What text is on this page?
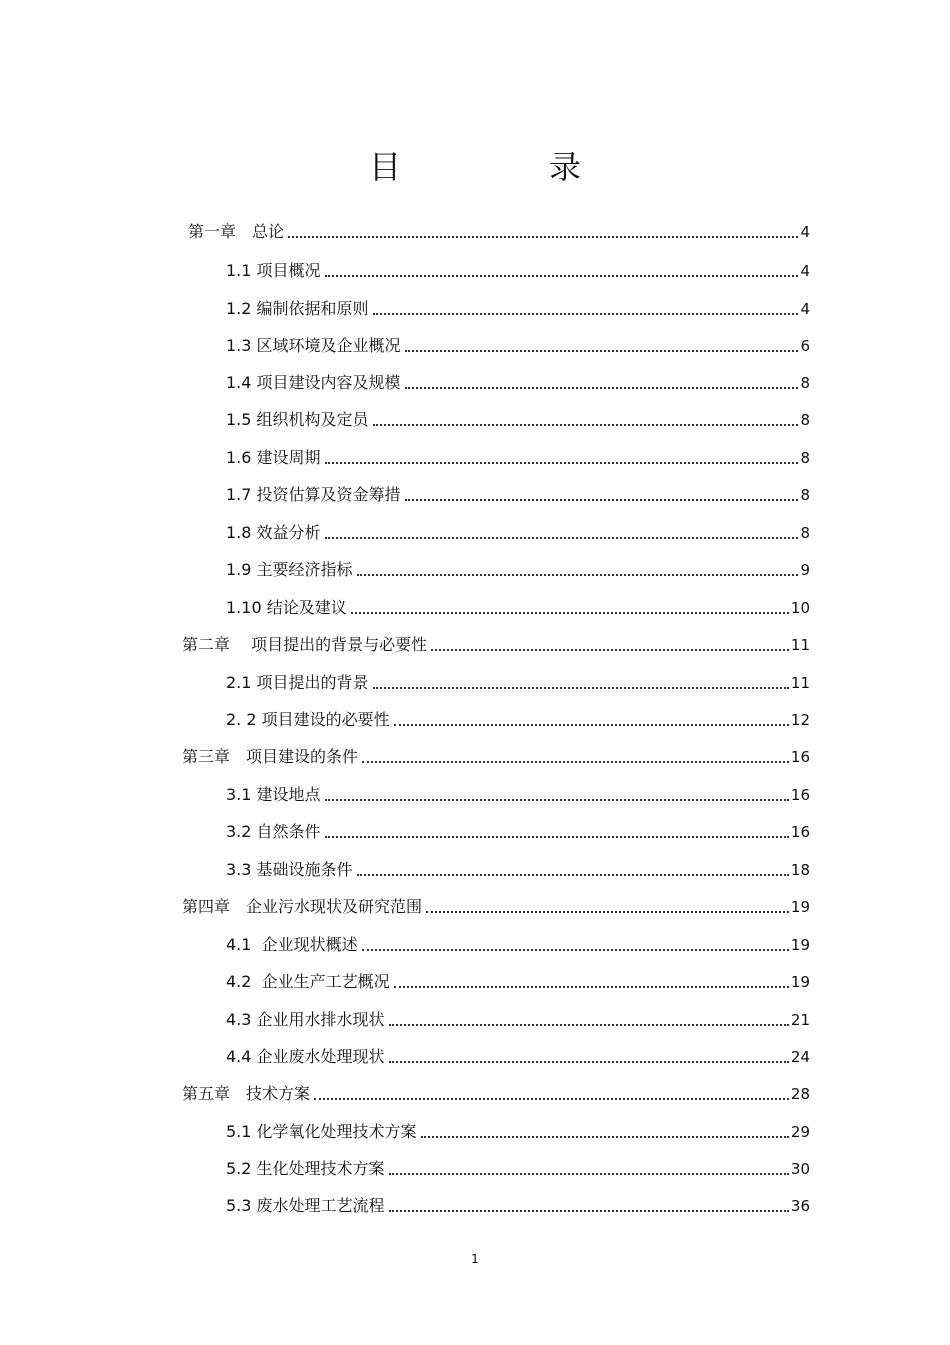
目　录
第一章　总论	4
1.1 项目概况	4
1.2 编制依据和原则	4
1.3 区域环境及企业概况	6
1.4 项目建设内容及规模	8
1.5 组织机构及定员	8
1.6 建设周期	8
1.7 投资估算及资金筹措	8
1.8 效益分析	8
1.9 主要经济指标	9
1.10 结论及建议	10
第二章　 项目提出的背景与必要性	11
2.1 项目提出的背景	11
2. 2 项目建设的必要性	12
第三章　项目建设的条件	16
3.1 建设地点	16
3.2 自然条件	16
3.3 基础设施条件	18
第四章　企业污水现状及研究范围	19
4.1  企业现状概述	19
4.2  企业生产工艺概况	19
4.3 企业用水排水现状	21
4.4 企业废水处理现状	24
第五章　技术方案	28
5.1 化学氧化处理技术方案	29
5.2 生化处理技术方案	30
5.3 废水处理工艺流程	36
1
